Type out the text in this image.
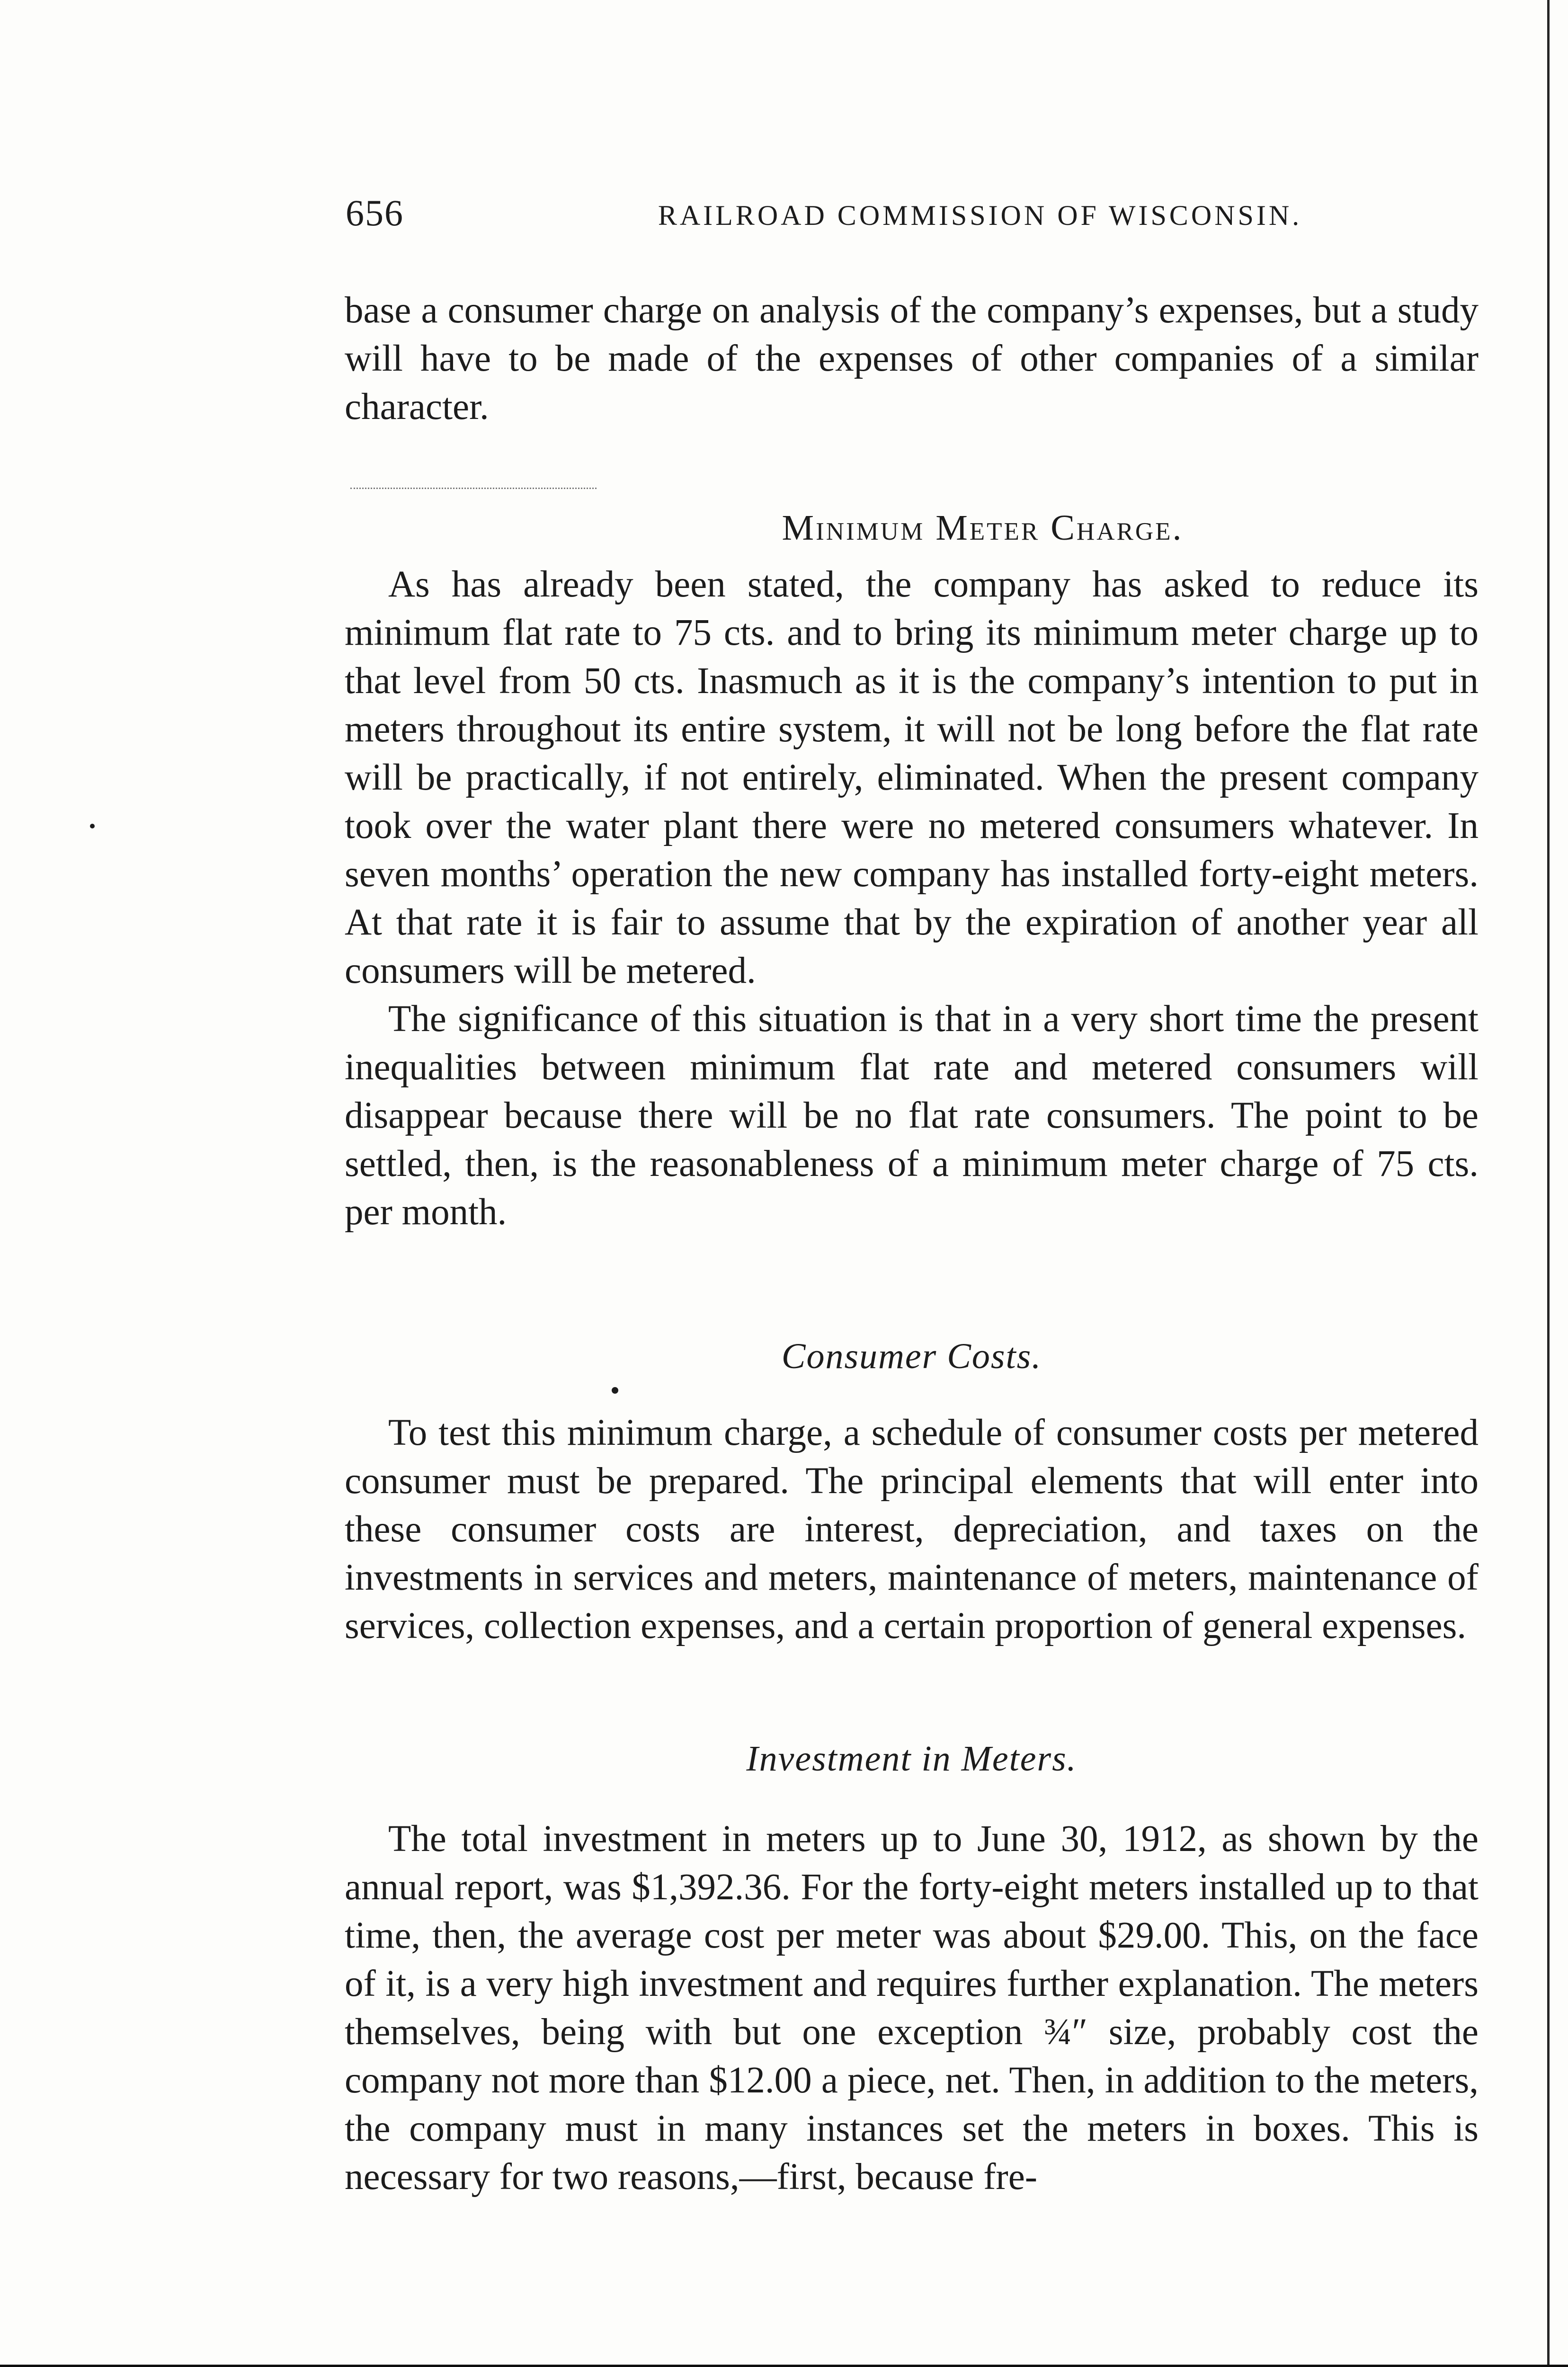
656	RAILROAD COMMISSION OF WISCONSIN.

base a consumer charge on analysis of the company’s expenses, but a study will have to be made of the expenses of other companies of a similar character.

Minimum Meter Charge.

As has already been stated, the company has asked to reduce its minimum flat rate to 75 cts. and to bring its minimum meter charge up to that level from 50 cts. Inasmuch as it is the company’s intention to put in meters throughout its entire system, it will not be long before the flat rate will be practically, if not entirely, eliminated. When the present company took over the water plant there were no metered consumers whatever. In seven months’ operation the new company has installed forty-eight meters. At that rate it is fair to assume that by the expiration of another year all consumers will be metered.

The significance of this situation is that in a very short time the present inequalities between minimum flat rate and metered consumers will disappear because there will be no flat rate consumers. The point to be settled, then, is the reasonableness of a minimum meter charge of 75 cts. per month.

Consumer Costs.

To test this minimum charge, a schedule of consumer costs per metered consumer must be prepared. The principal elements that will enter into these consumer costs are interest, depreciation, and taxes on the investments in services and meters, maintenance of meters, maintenance of services, collection expenses, and a certain proportion of general expenses.

Investment in Meters.

The total investment in meters up to June 30, 1912, as shown by the annual report, was $1,392.36. For the forty-eight meters installed up to that time, then, the average cost per meter was about $29.00. This, on the face of it, is a very high investment and requires further explanation. The meters themselves, being with but one exception ¾″ size, probably cost the company not more than $12.00 a piece, net. Then, in addition to the meters, the company must in many instances set the meters in boxes. This is necessary for two reasons,—first, because fre-
